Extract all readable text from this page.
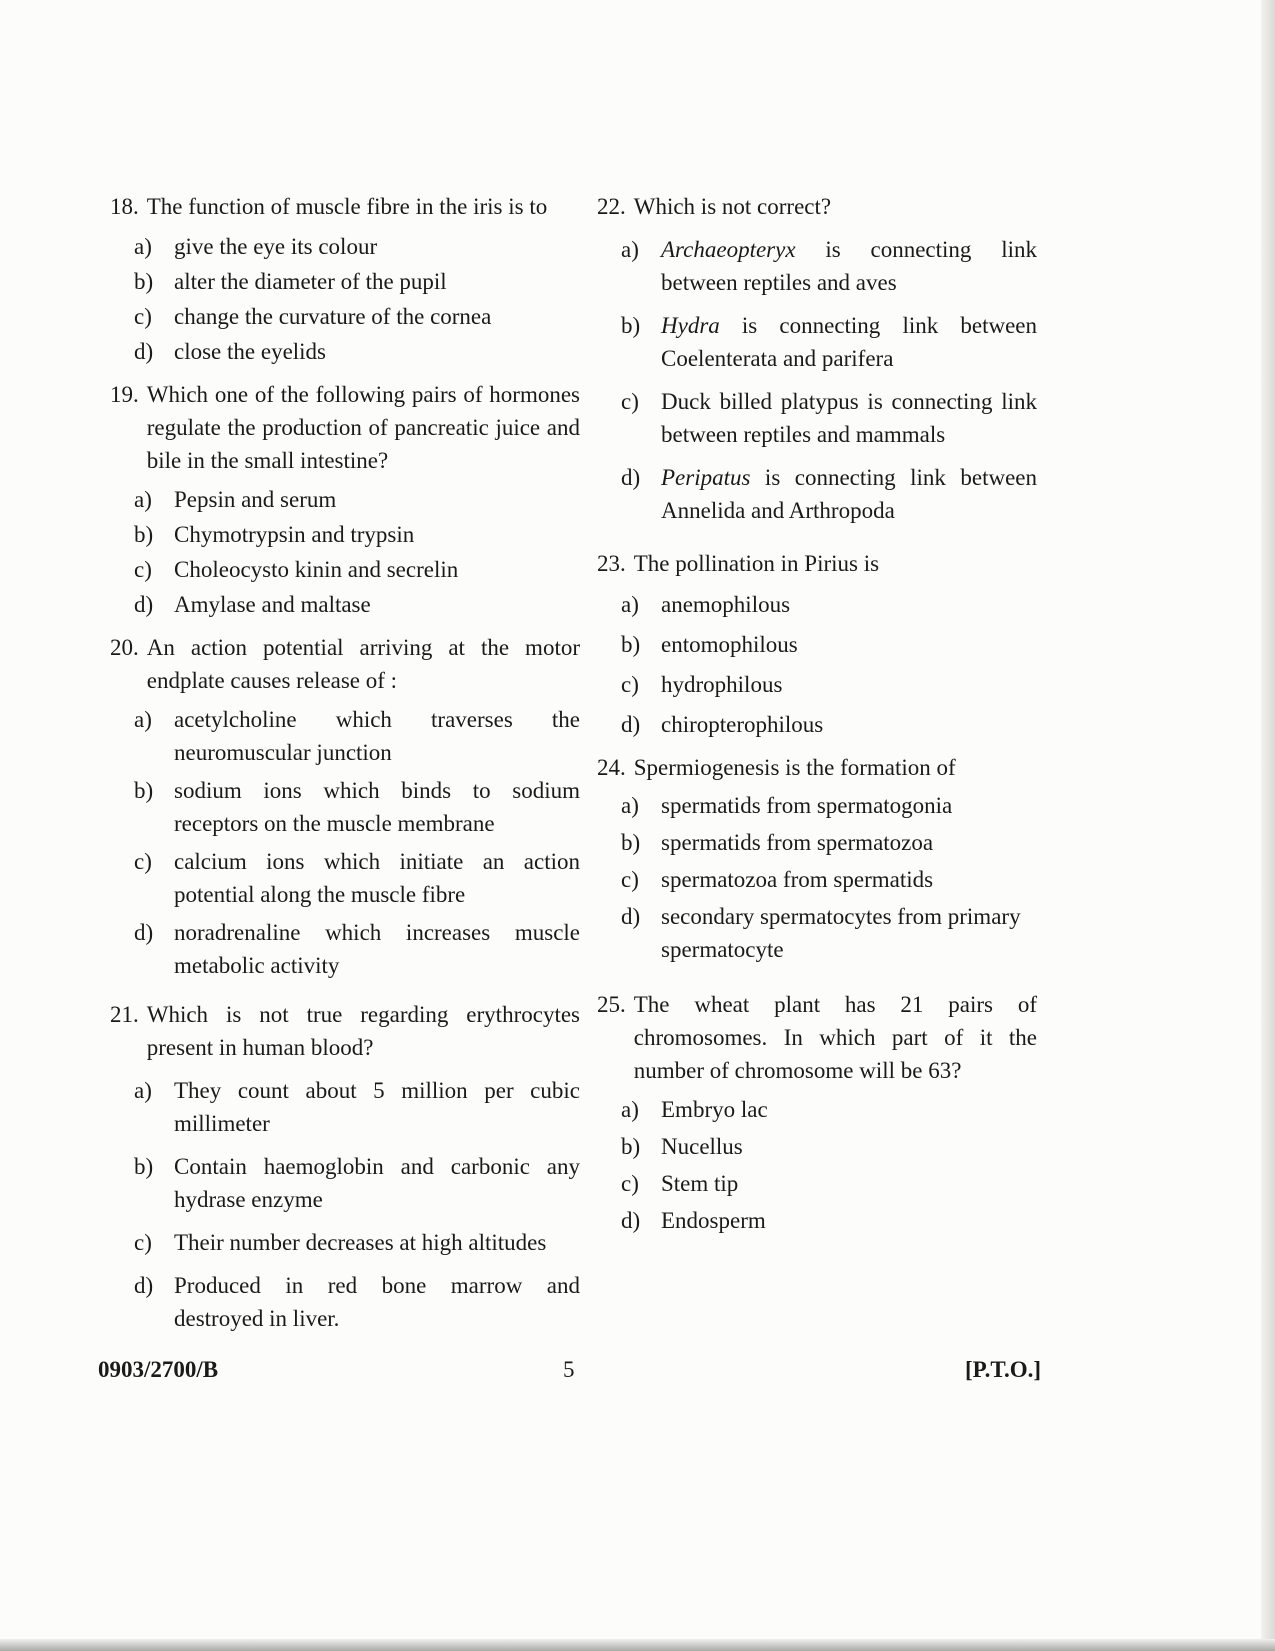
18. The function of muscle fibre in the iris is to
a) give the eye its colour
b) alter the diameter of the pupil
c) change the curvature of the cornea
d) close the eyelids
19. Which one of the following pairs of hormones regulate the production of pancreatic juice and bile in the small intestine?
a) Pepsin and serum
b) Chymotrypsin and trypsin
c) Choleocysto kinin and secrelin
d) Amylase and maltase
20. An action potential arriving at the motor endplate causes release of :
a) acetylcholine which traverses the neuromuscular junction
b) sodium ions which binds to sodium receptors on the muscle membrane
c) calcium ions which initiate an action potential along the muscle fibre
d) noradrenaline which increases muscle metabolic activity
21. Which is not true regarding erythrocytes present in human blood?
a) They count about 5 million per cubic millimeter
b) Contain haemoglobin and carbonic any hydrase enzyme
c) Their number decreases at high altitudes
d) Produced in red bone marrow and destroyed in liver.
22. Which is not correct?
a) Archaeopteryx is connecting link between reptiles and aves
b) Hydra is connecting link between Coelenterata and parifera
c) Duck billed platypus is connecting link between reptiles and mammals
d) Peripatus is connecting link between Annelida and Arthropoda
23. The pollination in Pirius is
a) anemophilous
b) entomophilous
c) hydrophilous
d) chiropterophilous
24. Spermiogenesis is the formation of
a) spermatids from spermatogonia
b) spermatids from spermatozoa
c) spermatozoa from spermatids
d) secondary spermatocytes from primary spermatocyte
25. The wheat plant has 21 pairs of chromosomes. In which part of it the number of chromosome will be 63?
a) Embryo lac
b) Nucellus
c) Stem tip
d) Endosperm
0903/2700/B	5	[P.T.O.]
